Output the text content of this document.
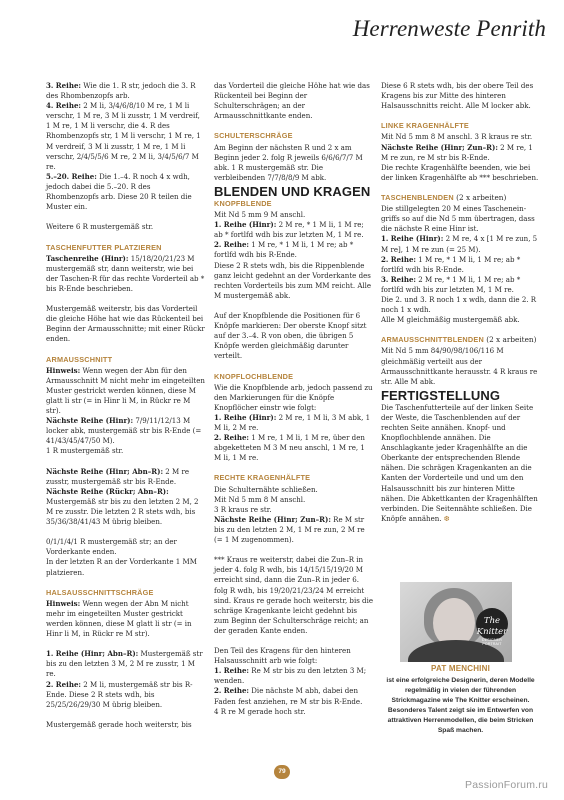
Herrenweste Penrith

3. Reihe: Wie die 1. R str, jedoch die 3. R des Rhombenzopfs arb.

4. Reihe: 2 M li, 3/4/6/8/10 M re, 1 M li verschr, 1 M re, 3 M li zusstr, 1 M verdreif, 1 M re, 1 M li verschr, die 4. R des Rhombenzopfs str, 1 M li verschr, 1 M re, 1 M verdreif, 3 M li zusstr, 1 M re, 1 M li verschr, 2/4/5/5/6 M re, 2 M li, 3/4/5/6/7 M re.

5.–20. Reihe: Die 1.–4. R noch 4 x wdh, jedoch dabei die 5.–20. R des Rhombenzopfs arb. Diese 20 R teilen die Muster ein.

Weitere 6 R mustergemäß str.

TASCHENFUTTER PLATZIEREN

Taschenreihe (Hinr): 15/18/20/21/23 M mustergemäß str, dann weiterstr, wie bei der Taschen-R für das rechte Vorderteil ab * bis R-Ende beschrieben.

Mustergemäß weiterstr, bis das Vorderteil die gleiche Höhe hat wie das Rückenteil bei Beginn der Armausschnitte; mit einer Rückr enden.

ARMAUSSCHNITT

Hinweis: Wenn wegen der Abn für den Armausschnitt M nicht mehr im eingeteilten Muster gestrickt werden können, diese M glatt li str (= in Hinr li M, in Rückr re M str).

Nächste Reihe (Hinr): 7/9/11/12/13 M locker abk, mustergemäß str bis R-Ende (= 41/43/45/47/50 M).

1 R mustergemäß str.

Nächste Reihe (Hinr; Abn–R): 2 M re zusstr, mustergemäß str bis R-Ende.

Nächste Reihe (Rückr; Abn–R): Mustergemäß str bis zu den letzten 2 M, 2 M re zusstr. Die letzten 2 R stets wdh, bis 35/36/38/41/43 M übrig bleiben.

0/1/1/4/1 R mustergemäß str; an der Vorderkante enden.

In der letzten R an der Vorderkante 1 MM platzieren.

HALSAUSSCHNITTSCHRÄGE

Hinweis: Wenn wegen der Abn M nicht mehr im eingeteilten Muster gestrickt werden können, diese M glatt li str (= in Hinr li M, in Rückr re M str).

1. Reihe (Hinr; Abn–R): Mustergemäß str bis zu den letzten 3 M, 2 M re zusstr, 1 M re.

2. Reihe: 2 M li, mustergemäß str bis R-Ende. Diese 2 R stets wdh, bis 25/25/26/29/30 M übrig bleiben.

Mustergemäß gerade hoch weiterstr, bis

das Vorderteil die gleiche Höhe hat wie das Rückenteil bei Beginn der Schulterschrägen; an der Armausschnittkante enden.

SCHULTERSCHRÄGE

Am Beginn der nächsten R und 2 x am Beginn jeder 2. folg R jeweils 6/6/6/7/7 M abk. 1 R mustergemäß str. Die verbleibenden 7/7/8/8/9 M abk.

BLENDEN UND KRAGEN
KNOPFBLENDE

Mit Nd 5 mm 9 M anschl.

1. Reihe (Hinr): 2 M re, * 1 M li, 1 M re; ab * fortlfd wdh bis zur letzten M, 1 M re.

2. Reihe: 1 M re, * 1 M li, 1 M re; ab * fortlfd wdh bis R-Ende.

Diese 2 R stets wdh, bis die Rippenblende ganz leicht gedehnt an der Vorderkante des rechten Vorderteils bis zum MM reicht. Alle M mustergemäß abk.

Auf der Knopfblende die Positionen für 6 Knöpfe markieren: Der oberste Knopf sitzt auf der 3.–4. R von oben, die übrigen 5 Knöpfe werden gleichmäßig darunter verteilt.

KNOPFLOCHBLENDE

Wie die Knopfblende arb, jedoch passend zu den Markierungen für die Knöpfe Knopflöcher einstr wie folgt:

1. Reihe (Hinr): 2 M re, 1 M li, 3 M abk, 1 M li, 2 M re.

2. Reihe: 1 M re, 1 M li, 1 M re, über den abgeketteten M 3 M neu anschl, 1 M re, 1 M li, 1 M re.

RECHTE KRAGENHÄLFTE

Die Schulternähte schließen.

Mit Nd 5 mm 8 M anschl.

3 R kraus re str.

Nächste Reihe (Hinr; Zun–R): Re M str bis zu den letzten 2 M, 1 M re zun, 2 M re (= 1 M zugenommen).

*** Kraus re weiterstr, dabei die Zun–R in jeder 4. folg R wdh, bis 14/15/15/19/20 M erreicht sind, dann die Zun–R in jeder 6. folg R wdh, bis 19/20/21/23/24 M erreicht sind. Kraus re gerade hoch weiterstr, bis die schräge Kragenkante leicht gedehnt bis zum Beginn der Schulterschräge reicht; an der geraden Kante enden.

Den Teil des Kragens für den hinteren Halsausschnitt arb wie folgt:

1. Reihe: Re M str bis zu den letzten 3 M; wenden.

2. Reihe: Die nächste M abh, dabei den Faden fest anziehen, re M str bis R-Ende.

4 R re M gerade hoch str.

Diese 6 R stets wdh, bis der obere Teil des Kragens bis zur Mitte des hinteren Halsausschnitts reicht. Alle M locker abk.

LINKE KRAGENHÄLFTE

Mit Nd 5 mm 8 M anschl. 3 R kraus re str.

Nächste Reihe (Hinr; Zun–R): 2 M re, 1 M re zun, re M str bis R-Ende.

Die rechte Kragenhälfte beenden, wie bei der linken Kragenhälfte ab *** beschrieben.

TASCHENBLENDEN (2 x arbeiten)

Die stillgelegten 20 M eines Tascheneingriffs so auf die Nd 5 mm übertragen, dass die nächste R eine Hinr ist.

1. Reihe (Hinr): 2 M re, 4 x [1 M re zun, 5 M re], 1 M re zun (= 25 M).

2. Reihe: 1 M re, * 1 M li, 1 M re; ab * fortlfd wdh bis R-Ende.

3. Reihe: 2 M re, * 1 M li, 1 M re; ab * fortlfd wdh bis zur letzten M, 1 M re.

Die 2. und 3. R noch 1 x wdh, dann die 2. R noch 1 x wdh.

Alle M gleichmäßig mustergemäß abk.

ARMAUSSCHNITTBLENDEN (2 x arbeiten)

Mit Nd 5 mm 84/90/98/106/116 M gleichmäßig verteilt aus der Armausschnittkante herausstr. 4 R kraus re str. Alle M abk.

FERTIGSTELLUNG

Die Taschenfutterteile auf der linken Seite der Weste, die Taschenblenden auf der rechten Seite annähen. Knopf- und Knopflochblende annähen. Die Anschlagkante jeder Kragenhälfte an die Oberkante der entsprechenden Blende nähen. Die schrägen Kragenkanten an die Kanten der Vorderteile und und um den Halsausschnitt bis zur hinteren Mitte nähen. Die Abkettkanten der Kragenhälften verbinden. Die Seitennähte schließen. Die Knöpfe annähen. ❆

The Knitter
DESIGNER PORTRAIT
PAT MENCHINI
ist eine erfolgreiche Designerin, deren Modelle regelmäßig in vielen der führenden Strickmagazine wie The Knitter erscheinen. Besonderes Talent zeigt sie im Entwerfen von attraktiven Herrenmodellen, die beim Stricken Spaß machen.
79
PassionForum.ru
